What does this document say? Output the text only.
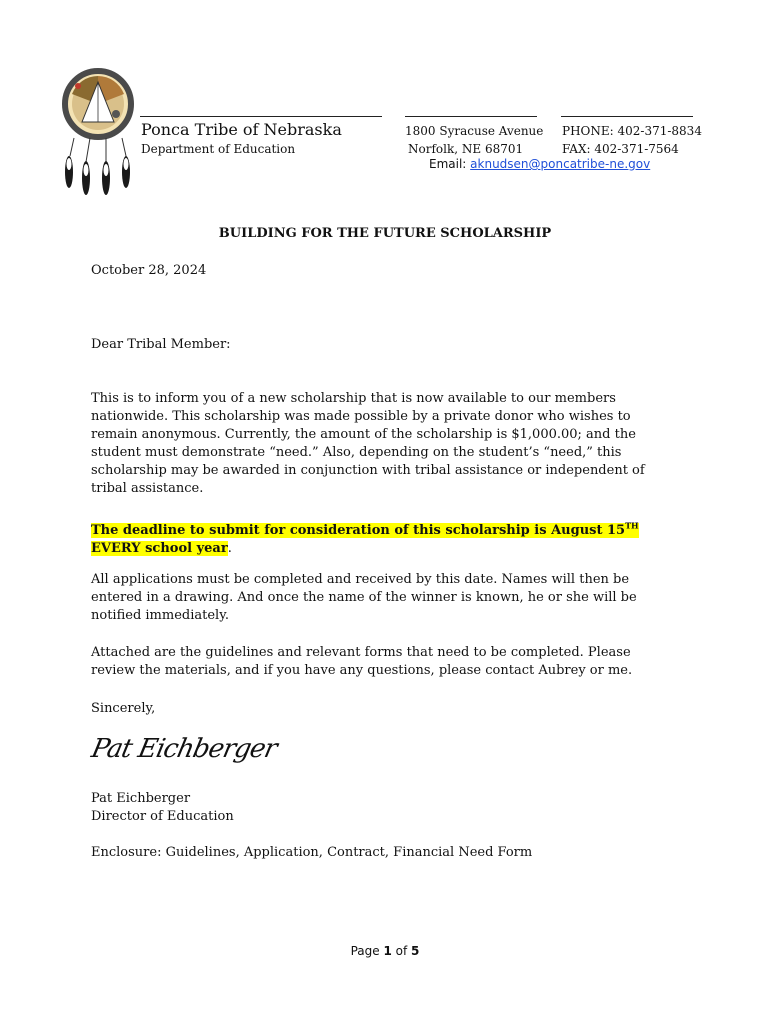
Ponca Tribe of Nebraska
Department of Education
1800 Syracuse Avenue
Norfolk, NE 68701
PHONE: 402-371-8834
FAX: 402-371-7564
Email: aknudsen@poncatribe-ne.gov
BUILDING FOR THE FUTURE SCHOLARSHIP
October 28, 2024
Dear Tribal Member:
This is to inform you of a new scholarship that is now available to our members nationwide. This scholarship was made possible by a private donor who wishes to remain anonymous. Currently, the amount of the scholarship is $1,000.00; and the student must demonstrate “need.” Also, depending on the student’s “need,” this scholarship may be awarded in conjunction with tribal assistance or independent of tribal assistance.
The deadline to submit for consideration of this scholarship is August 15TH EVERY school year.
All applications must be completed and received by this date. Names will then be entered in a drawing. And once the name of the winner is known, he or she will be notified immediately.
Attached are the guidelines and relevant forms that need to be completed. Please review the materials, and if you have any questions, please contact Aubrey or me.
Sincerely,
Pat Eichberger
Pat Eichberger
Director of Education
Enclosure: Guidelines, Application, Contract, Financial Need Form
Page 1 of 5
